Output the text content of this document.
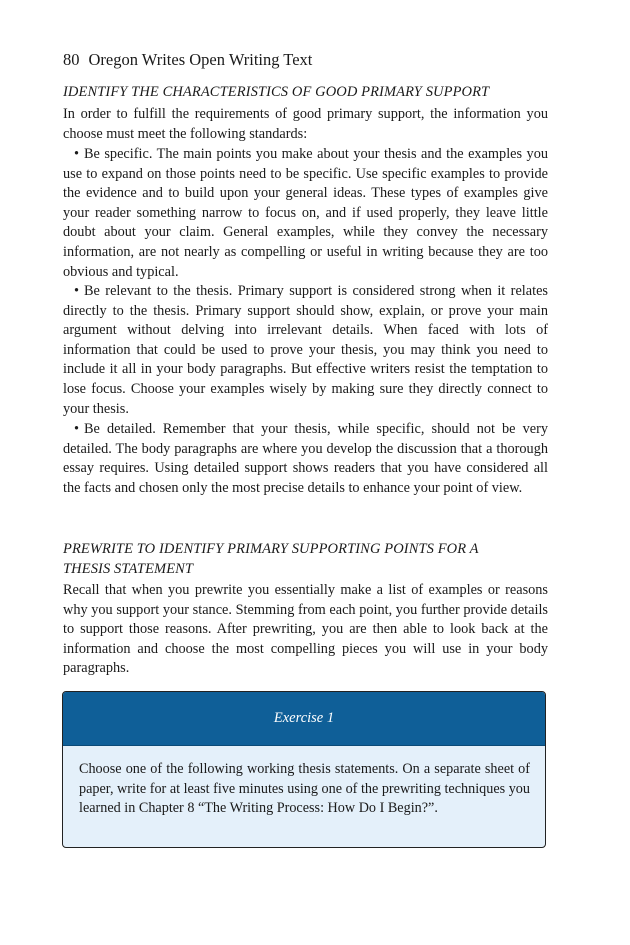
80 Oregon Writes Open Writing Text
IDENTIFY THE CHARACTERISTICS OF GOOD PRIMARY SUPPORT

In order to fulfill the requirements of good primary support, the information you choose must meet the following standards:

• Be specific. The main points you make about your thesis and the examples you use to expand on those points need to be specific. Use specific examples to provide the evidence and to build upon your general ideas. These types of examples give your reader something narrow to focus on, and if used properly, they leave little doubt about your claim. General examples, while they convey the necessary information, are not nearly as compelling or useful in writing because they are too obvious and typical.

• Be relevant to the thesis. Primary support is considered strong when it relates directly to the thesis. Primary support should show, explain, or prove your main argument without delving into irrelevant details. When faced with lots of information that could be used to prove your thesis, you may think you need to include it all in your body paragraphs. But effective writers resist the temptation to lose focus. Choose your examples wisely by making sure they directly connect to your thesis.

• Be detailed. Remember that your thesis, while specific, should not be very detailed. The body paragraphs are where you develop the discussion that a thorough essay requires. Using detailed support shows readers that you have considered all the facts and chosen only the most precise details to enhance your point of view.

PREWRITE TO IDENTIFY PRIMARY SUPPORTING POINTS FOR A
THESIS STATEMENT

Recall that when you prewrite you essentially make a list of examples or reasons why you support your stance. Stemming from each point, you further provide details to support those reasons. After prewriting, you are then able to look back at the information and choose the most compelling pieces you will use in your body paragraphs.

Exercise 1
Choose one of the following working thesis statements. On a separate sheet of paper, write for at least five minutes using one of the prewriting techniques you learned in Chapter 8 “The Writing Process: How Do I Begin?”.
